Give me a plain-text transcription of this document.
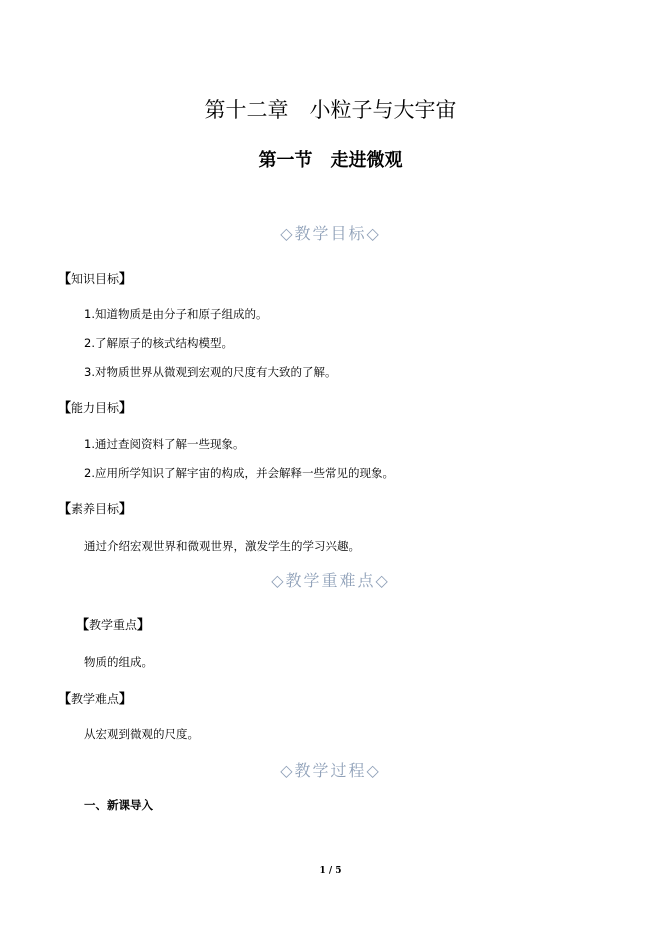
第十二章　小粒子与大宇宙
第一节　走进微观
◇教学目标◇
【知识目标】
1.知道物质是由分子和原子组成的。
2.了解原子的核式结构模型。
3.对物质世界从微观到宏观的尺度有大致的了解。
【能力目标】
1.通过查阅资料了解一些现象。
2.应用所学知识了解宇宙的构成，并会解释一些常见的现象。
【素养目标】
通过介绍宏观世界和微观世界，激发学生的学习兴趣。
◇教学重难点◇
【教学重点】
物质的组成。
【教学难点】
从宏观到微观的尺度。
◇教学过程◇
一、新课导入
1 / 5
